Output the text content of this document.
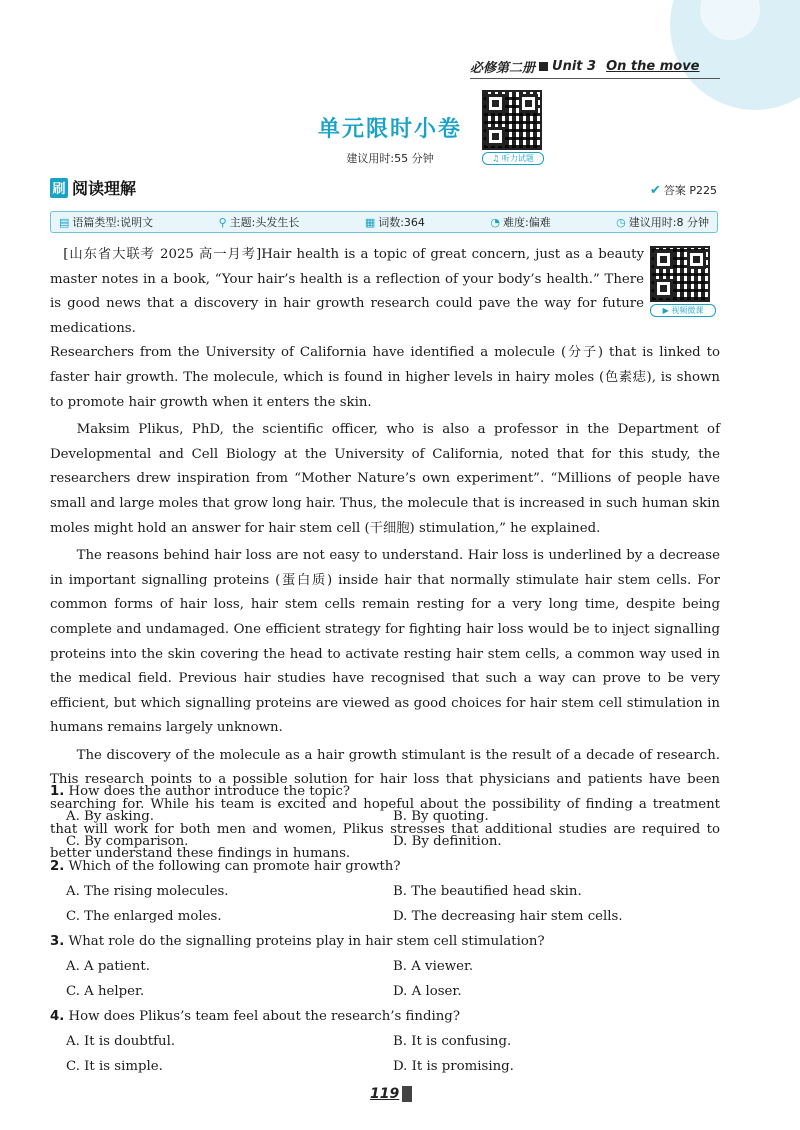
必修第二册 Unit 3 On the move
单元限时小卷
建议用时:55 分钟	♫ 听力试题
刷 阅读理解	✔ 答案 P225
▤ 语篇类型:说明文	⚲ 主题:头发生长	▦ 词数:364	◔ 难度:偏难	◷ 建议用时:8 分钟
▶ 视频微课

[山东省大联考 2025 高一月考]Hair health is a topic of great concern, just as a beauty master notes in a book, “Your hair’s health is a reflection of your body’s health.” There is good news that a discovery in hair growth research could pave the way for future medications.

Researchers from the University of California have identified a molecule (分子) that is linked to faster hair growth. The molecule, which is found in higher levels in hairy moles (色素痣), is shown to promote hair growth when it enters the skin.

Maksim Plikus, PhD, the scientific officer, who is also a professor in the Department of Developmental and Cell Biology at the University of California, noted that for this study, the researchers drew inspiration from “Mother Nature’s own experiment”. “Millions of people have small and large moles that grow long hair. Thus, the molecule that is increased in such human skin moles might hold an answer for hair stem cell (干细胞) stimulation,” he explained.

The reasons behind hair loss are not easy to understand. Hair loss is underlined by a decrease in important signalling proteins (蛋白质) inside hair that normally stimulate hair stem cells. For common forms of hair loss, hair stem cells remain resting for a very long time, despite being complete and undamaged. One efficient strategy for fighting hair loss would be to inject signalling proteins into the skin covering the head to activate resting hair stem cells, a common way used in the medical field. Previous hair studies have recognised that such a way can prove to be very efficient, but which signalling proteins are viewed as good choices for hair stem cell stimulation in humans remains largely unknown.

The discovery of the molecule as a hair growth stimulant is the result of a decade of research. This research points to a possible solution for hair loss that physicians and patients have been searching for. While his team is excited and hopeful about the possibility of finding a treatment that will work for both men and women, Plikus stresses that additional studies are required to better understand these findings in humans.

1. How does the author introduce the topic?
A. By asking.	B. By quoting.
C. By comparison.	D. By definition.
2. Which of the following can promote hair growth?
A. The rising molecules.	B. The beautified head skin.
C. The enlarged moles.	D. The decreasing hair stem cells.
3. What role do the signalling proteins play in hair stem cell stimulation?
A. A patient.	B. A viewer.
C. A helper.	D. A loser.
4. How does Plikus’s team feel about the research’s finding?
A. It is doubtful.	B. It is confusing.
C. It is simple.	D. It is promising.
119
